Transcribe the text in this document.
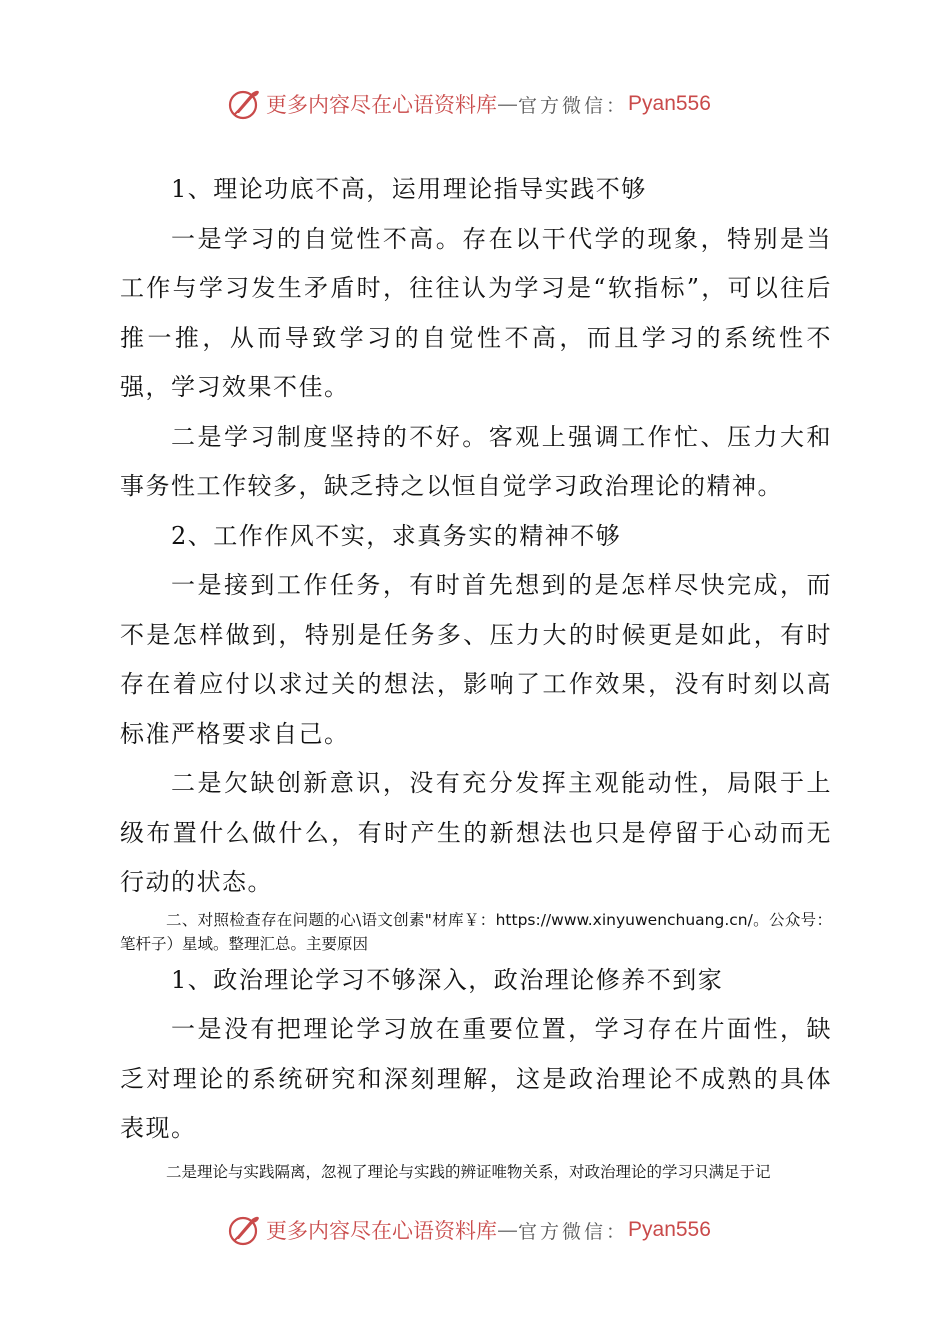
更多内容尽在心语资料库 — 官方微信： Pyan556

1、理论功底不高，运用理论指导实践不够

一是学习的自觉性不高。存在以干代学的现象，特别是当工作与学习发生矛盾时，往往认为学习是“软指标”，可以往后推一推，从而导致学习的自觉性不高，而且学习的系统性不强，学习效果不佳。

二是学习制度坚持的不好。客观上强调工作忙、压力大和事务性工作较多，缺乏持之以恒自觉学习政治理论的精神。

2、工作作风不实，求真务实的精神不够

一是接到工作任务，有时首先想到的是怎样尽快完成，而不是怎样做到，特别是任务多、压力大的时候更是如此，有时存在着应付以求过关的想法，影响了工作效果，没有时刻以高标准严格要求自己。

二是欠缺创新意识，没有充分发挥主观能动性，局限于上级布置什么做什么，有时产生的新想法也只是停留于心动而无行动的状态。

二、对照检查存在问题的心\语文创素"材库￥：https://www.xinyuwenchuang.cn/。公众号：笔杆子）星域。整理汇总。主要原因

1、政治理论学习不够深入，政治理论修养不到家

一是没有把理论学习放在重要位置，学习存在片面性，缺乏对理论的系统研究和深刻理解，这是政治理论不成熟的具体表现。

二是理论与实践隔离，忽视了理论与实践的辨证唯物关系，对政治理论的学习只满足于记

更多内容尽在心语资料库 — 官方微信： Pyan556
